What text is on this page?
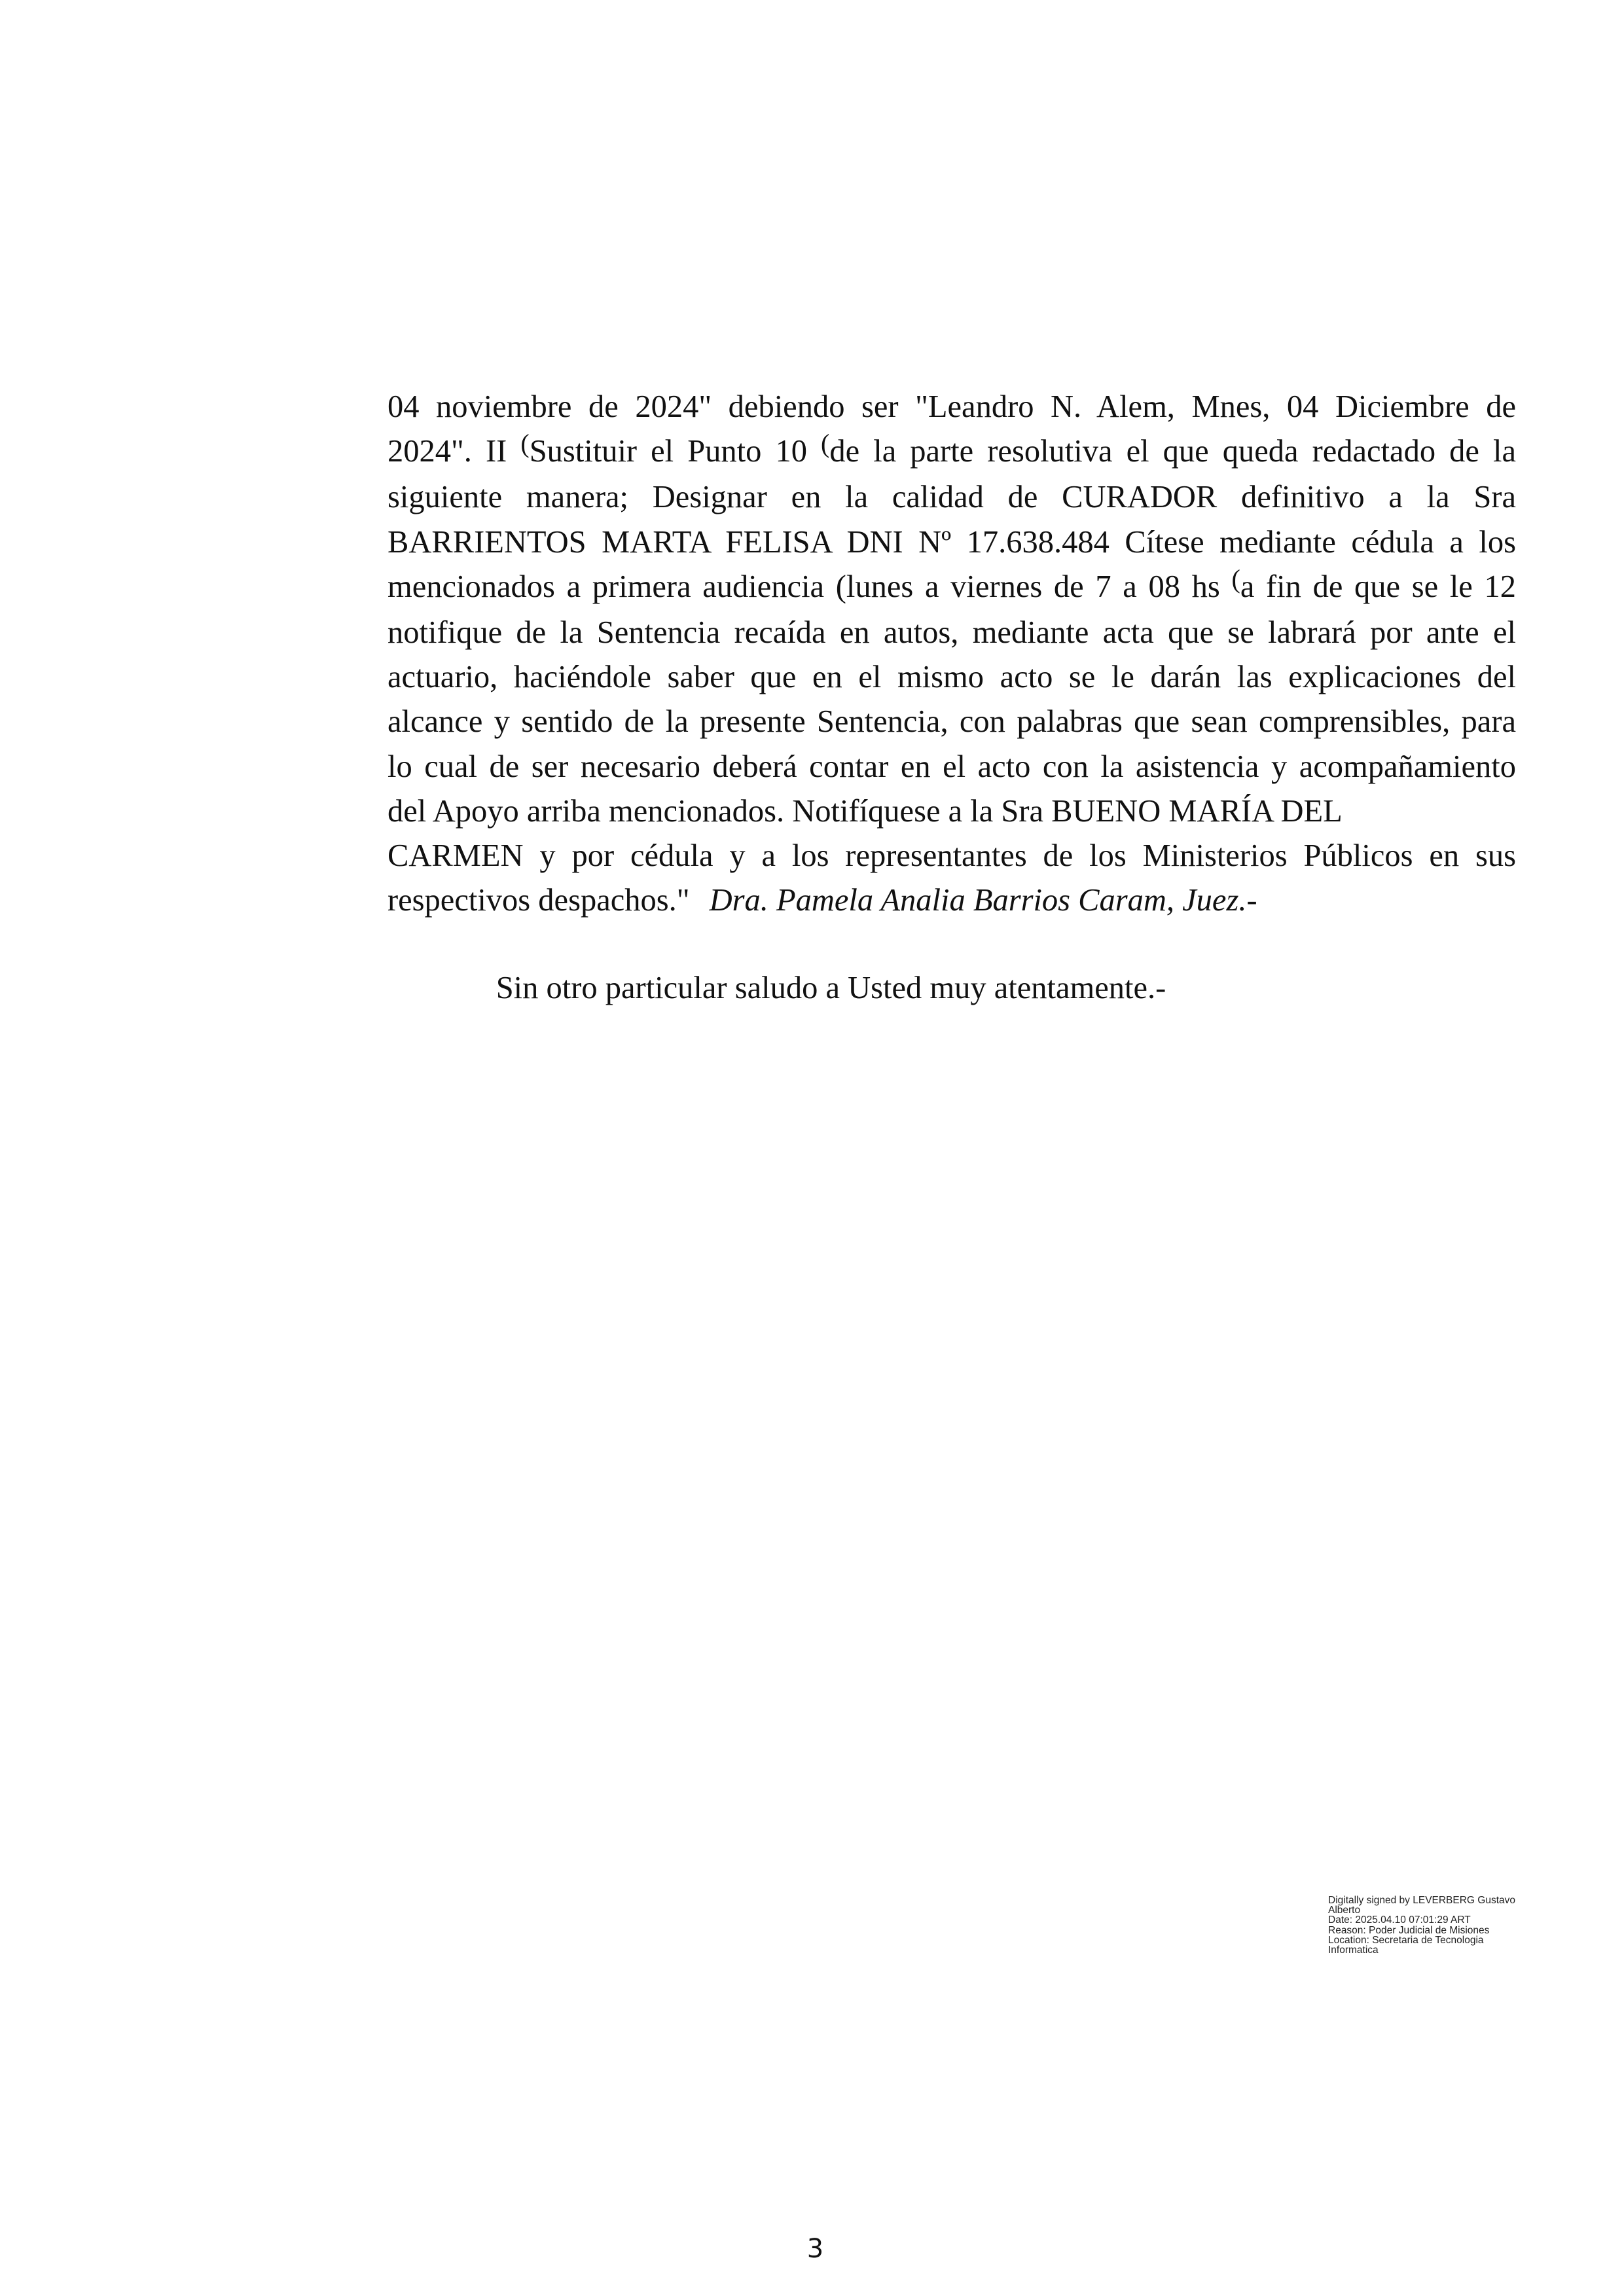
04 noviembre de 2024" debiendo ser "Leandro N. Alem, Mnes, 04 Diciembre de
2024". II (Sustituir el Punto 10 (de la parte resolutiva el que queda redactado de la
siguiente manera; Designar en la calidad de CURADOR definitivo a la Sra
BARRIENTOS MARTA FELISA DNI Nº 17.638.484 Cítese mediante cédula a los
mencionados a primera audiencia (lunes a viernes de 7 a 08 hs (a fin de que se le 12
notifique de la Sentencia recaída en autos, mediante acta que se labrará por ante el
actuario, haciéndole saber que en el mismo acto se le darán las explicaciones del
alcance y sentido de la presente Sentencia, con palabras que sean comprensibles, para
lo cual de ser necesario deberá contar en el acto con la asistencia y acompañamiento
del Apoyo arriba mencionados. Notifíquese a la Sra BUENO MARÍA DEL
CARMEN y por cédula y a los representantes de los Ministerios Públicos en sus
respectivos despachos." Dra. Pamela Analia Barrios Caram, Juez.-
Sin otro particular saludo a Usted muy atentamente.-
Digitally signed by LEVERBERG Gustavo
Alberto
Date: 2025.04.10 07:01:29 ART
Reason: Poder Judicial de Misiones
Location: Secretaria de Tecnologia
Informatica
3
